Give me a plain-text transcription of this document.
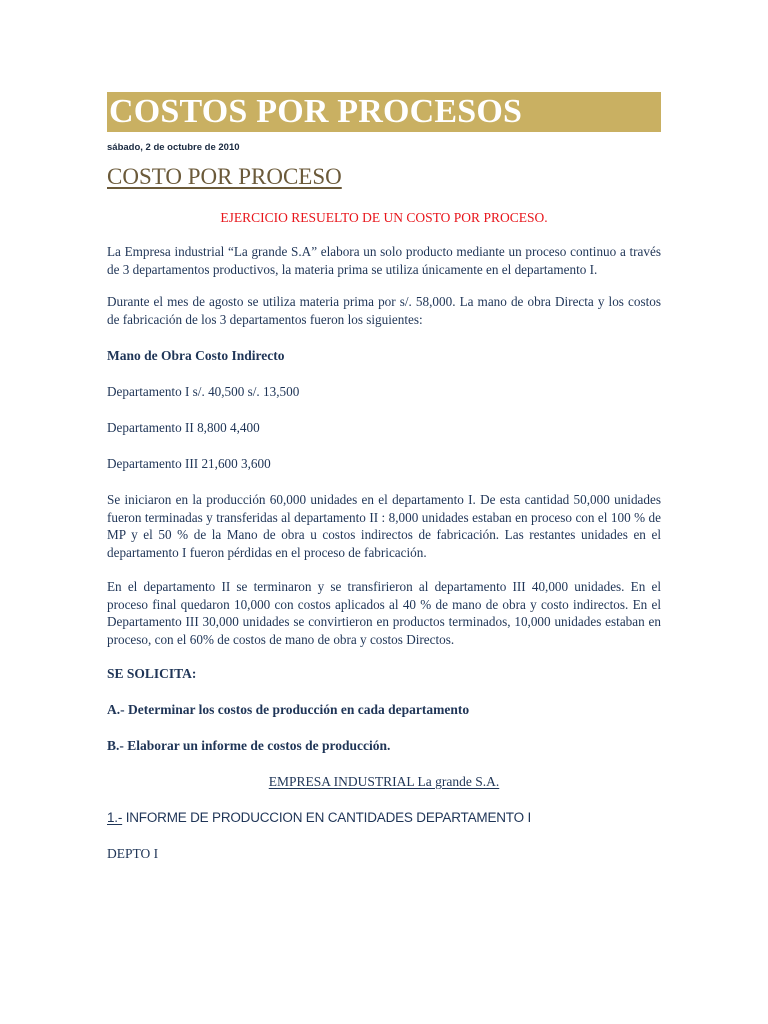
COSTOS POR PROCESOS
sábado, 2 de octubre de 2010
COSTO POR PROCESO
EJERCICIO RESUELTO DE UN COSTO POR PROCESO.

La Empresa industrial “La grande S.A” elabora un solo producto mediante un proceso continuo a través de 3 departamentos productivos, la materia prima se utiliza únicamente en el departamento I.

Durante el mes de agosto se utiliza materia prima por s/. 58,000. La mano de obra Directa y los costos de fabricación de los 3 departamentos fueron los siguientes:

Mano de Obra Costo Indirecto
Departamento I s/. 40,500 s/. 13,500
Departamento II 8,800 4,400
Departamento III 21,600 3,600

Se iniciaron en la producción 60,000 unidades en el departamento I. De esta cantidad 50,000 unidades fueron terminadas y transferidas al departamento II : 8,000 unidades estaban en proceso con el 100 % de MP y el 50 % de la Mano de obra u costos indirectos de fabricación. Las restantes unidades en el departamento I fueron pérdidas en el proceso de fabricación.

En el departamento II se terminaron y se transfirieron al departamento III 40,000 unidades. En el proceso final quedaron 10,000 con costos aplicados al 40 % de mano de obra y costo indirectos. En el Departamento III 30,000 unidades se convirtieron en productos terminados, 10,000 unidades estaban en proceso, con el 60% de costos de mano de obra y costos Directos.

SE SOLICITA:
A.- Determinar los costos de producción en cada departamento
B.- Elaborar un informe de costos de producción.
EMPRESA INDUSTRIAL La grande S.A.
1.- INFORME DE PRODUCCION EN CANTIDADES DEPARTAMENTO I
DEPTO I
